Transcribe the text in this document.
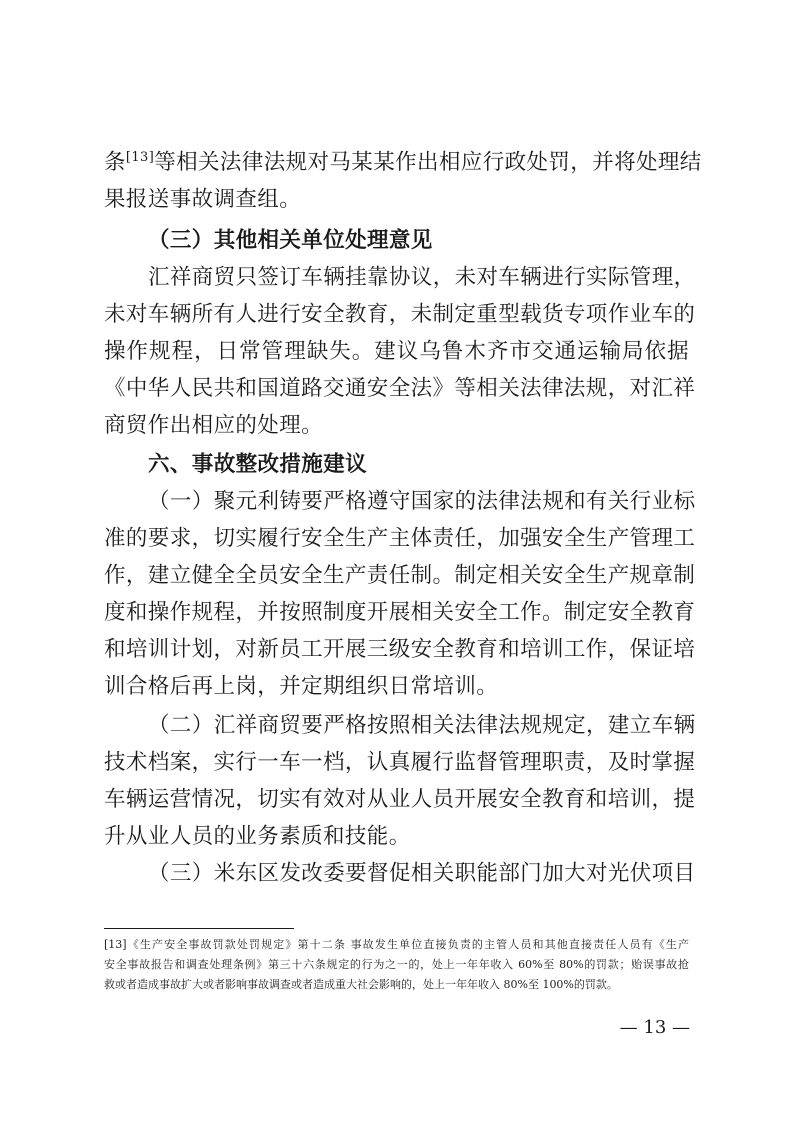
条[13]等相关法律法规对马某某作出相应行政处罚，并将处理结
果报送事故调查组。
（三）其他相关单位处理意见
汇祥商贸只签订车辆挂靠协议，未对车辆进行实际管理，
未对车辆所有人进行安全教育，未制定重型载货专项作业车的
操作规程，日常管理缺失。建议乌鲁木齐市交通运输局依据
《中华人民共和国道路交通安全法》等相关法律法规，对汇祥
商贸作出相应的处理。
六、事故整改措施建议
（一）聚元利铸要严格遵守国家的法律法规和有关行业标
准的要求，切实履行安全生产主体责任，加强安全生产管理工
作，建立健全全员安全生产责任制。制定相关安全生产规章制
度和操作规程，并按照制度开展相关安全工作。制定安全教育
和培训计划，对新员工开展三级安全教育和培训工作，保证培
训合格后再上岗，并定期组织日常培训。
（二）汇祥商贸要严格按照相关法律法规规定，建立车辆
技术档案，实行一车一档，认真履行监督管理职责，及时掌握
车辆运营情况，切实有效对从业人员开展安全教育和培训，提
升从业人员的业务素质和技能。
（三）米东区发改委要督促相关职能部门加大对光伏项目
[13]《生产安全事故罚款处罚规定》第十二条 事故发生单位直接负责的主管人员和其他直接责任人员有《生产
安全事故报告和调查处理条例》第三十六条规定的行为之一的，处上一年年收入 60%至 80%的罚款；贻误事故抢
救或者造成事故扩大或者影响事故调查或者造成重大社会影响的，处上一年年收入 80%至 100%的罚款。
— 13 —
